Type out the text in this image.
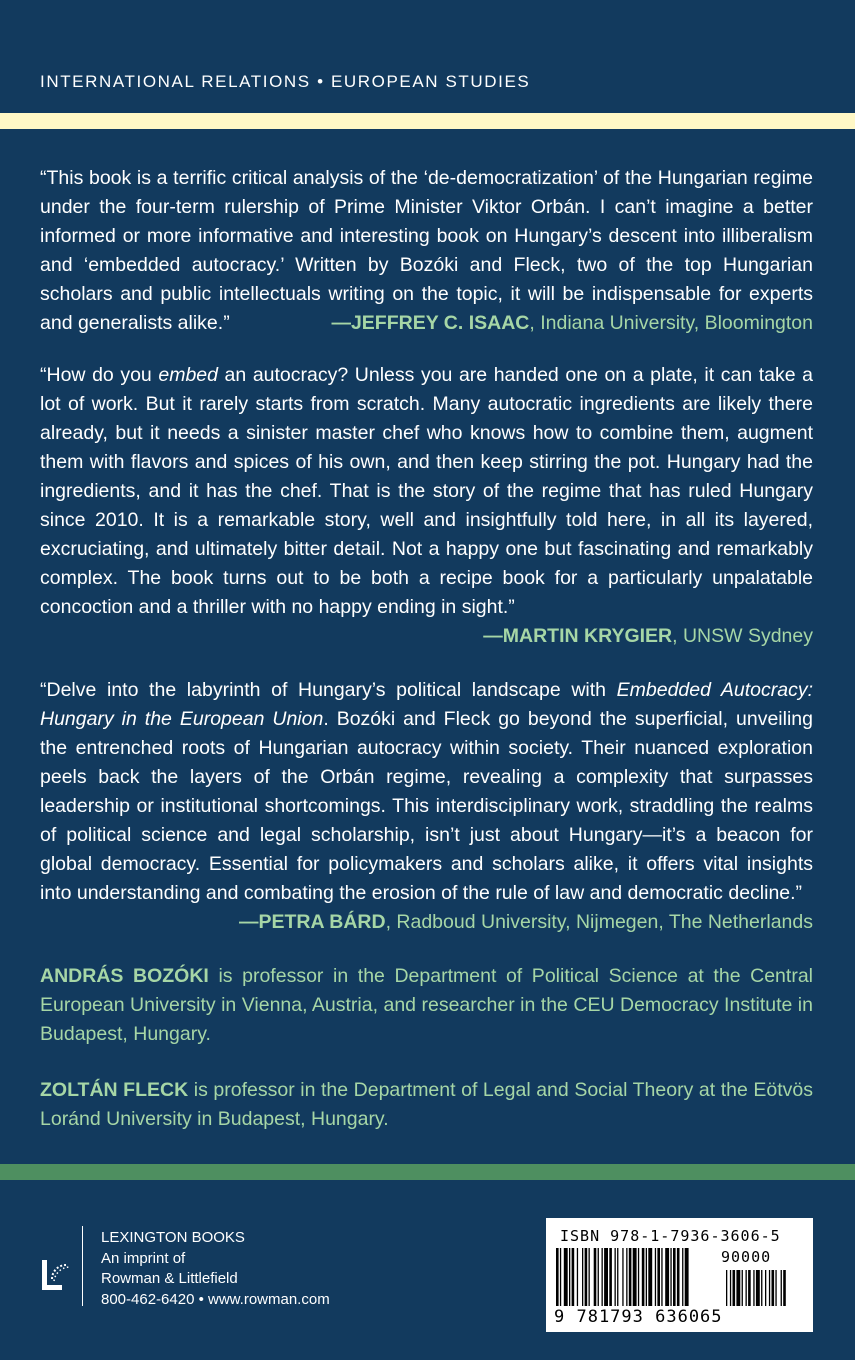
INTERNATIONAL RELATIONS • EUROPEAN STUDIES

“This book is a terrific critical analysis of the ‘de-democratization’ of the Hungarian regime under the four-term rulership of Prime Minister Viktor Orbán. I can’t imagine a better informed or more informative and interesting book on Hungary’s descent into illiberalism and ‘embedded autocracy.’ Written by Bozóki and Fleck, two of the top Hungarian scholars and public intellectuals writing on the topic, it will be indispensable for experts and generalists alike.”	—JEFFREY C. ISAAC, Indiana University, Bloomington

“How do you embed an autocracy? Unless you are handed one on a plate, it can take a lot of work. But it rarely starts from scratch. Many autocratic ingredients are likely there already, but it needs a sinister master chef who knows how to combine them, augment them with flavors and spices of his own, and then keep stirring the pot. Hungary had the ingredients, and it has the chef. That is the story of the regime that has ruled Hungary since 2010. It is a remarkable story, well and insightfully told here, in all its layered, excruciating, and ultimately bitter detail. Not a happy one but fascinating and remarkably complex. The book turns out to be both a recipe book for a particularly unpalatable concoction and a thriller with no happy ending in sight.”

—MARTIN KRYGIER, UNSW Sydney

“Delve into the labyrinth of Hungary’s political landscape with Embedded Autocracy: Hungary in the European Union. Bozóki and Fleck go beyond the superficial, unveiling the entrenched roots of Hungarian autocracy within society. Their nuanced exploration peels back the layers of the Orbán regime, revealing a complexity that surpasses leadership or institutional shortcomings. This interdisciplinary work, straddling the realms of political science and legal scholarship, isn’t just about Hungary—it’s a beacon for global democracy. Essential for policymakers and scholars alike, it offers vital insights into understanding and combating the erosion of the rule of law and democratic decline.”

—PETRA BÁRD, Radboud University, Nijmegen, The Netherlands
ANDRÁS BOZÓKI is professor in the Department of Political Science at the Central European University in Vienna, Austria, and researcher in the CEU Democracy Institute in Budapest, Hungary.
ZOLTÁN FLECK is professor in the Department of Legal and Social Theory at the Eötvös Loránd University in Budapest, Hungary.
LEXINGTON BOOKS
An imprint of
Rowman & Littlefield
800-462-6420 • www.rowman.com
ISBN 978-1-7936-3606-5
90000
9 781793 636065
